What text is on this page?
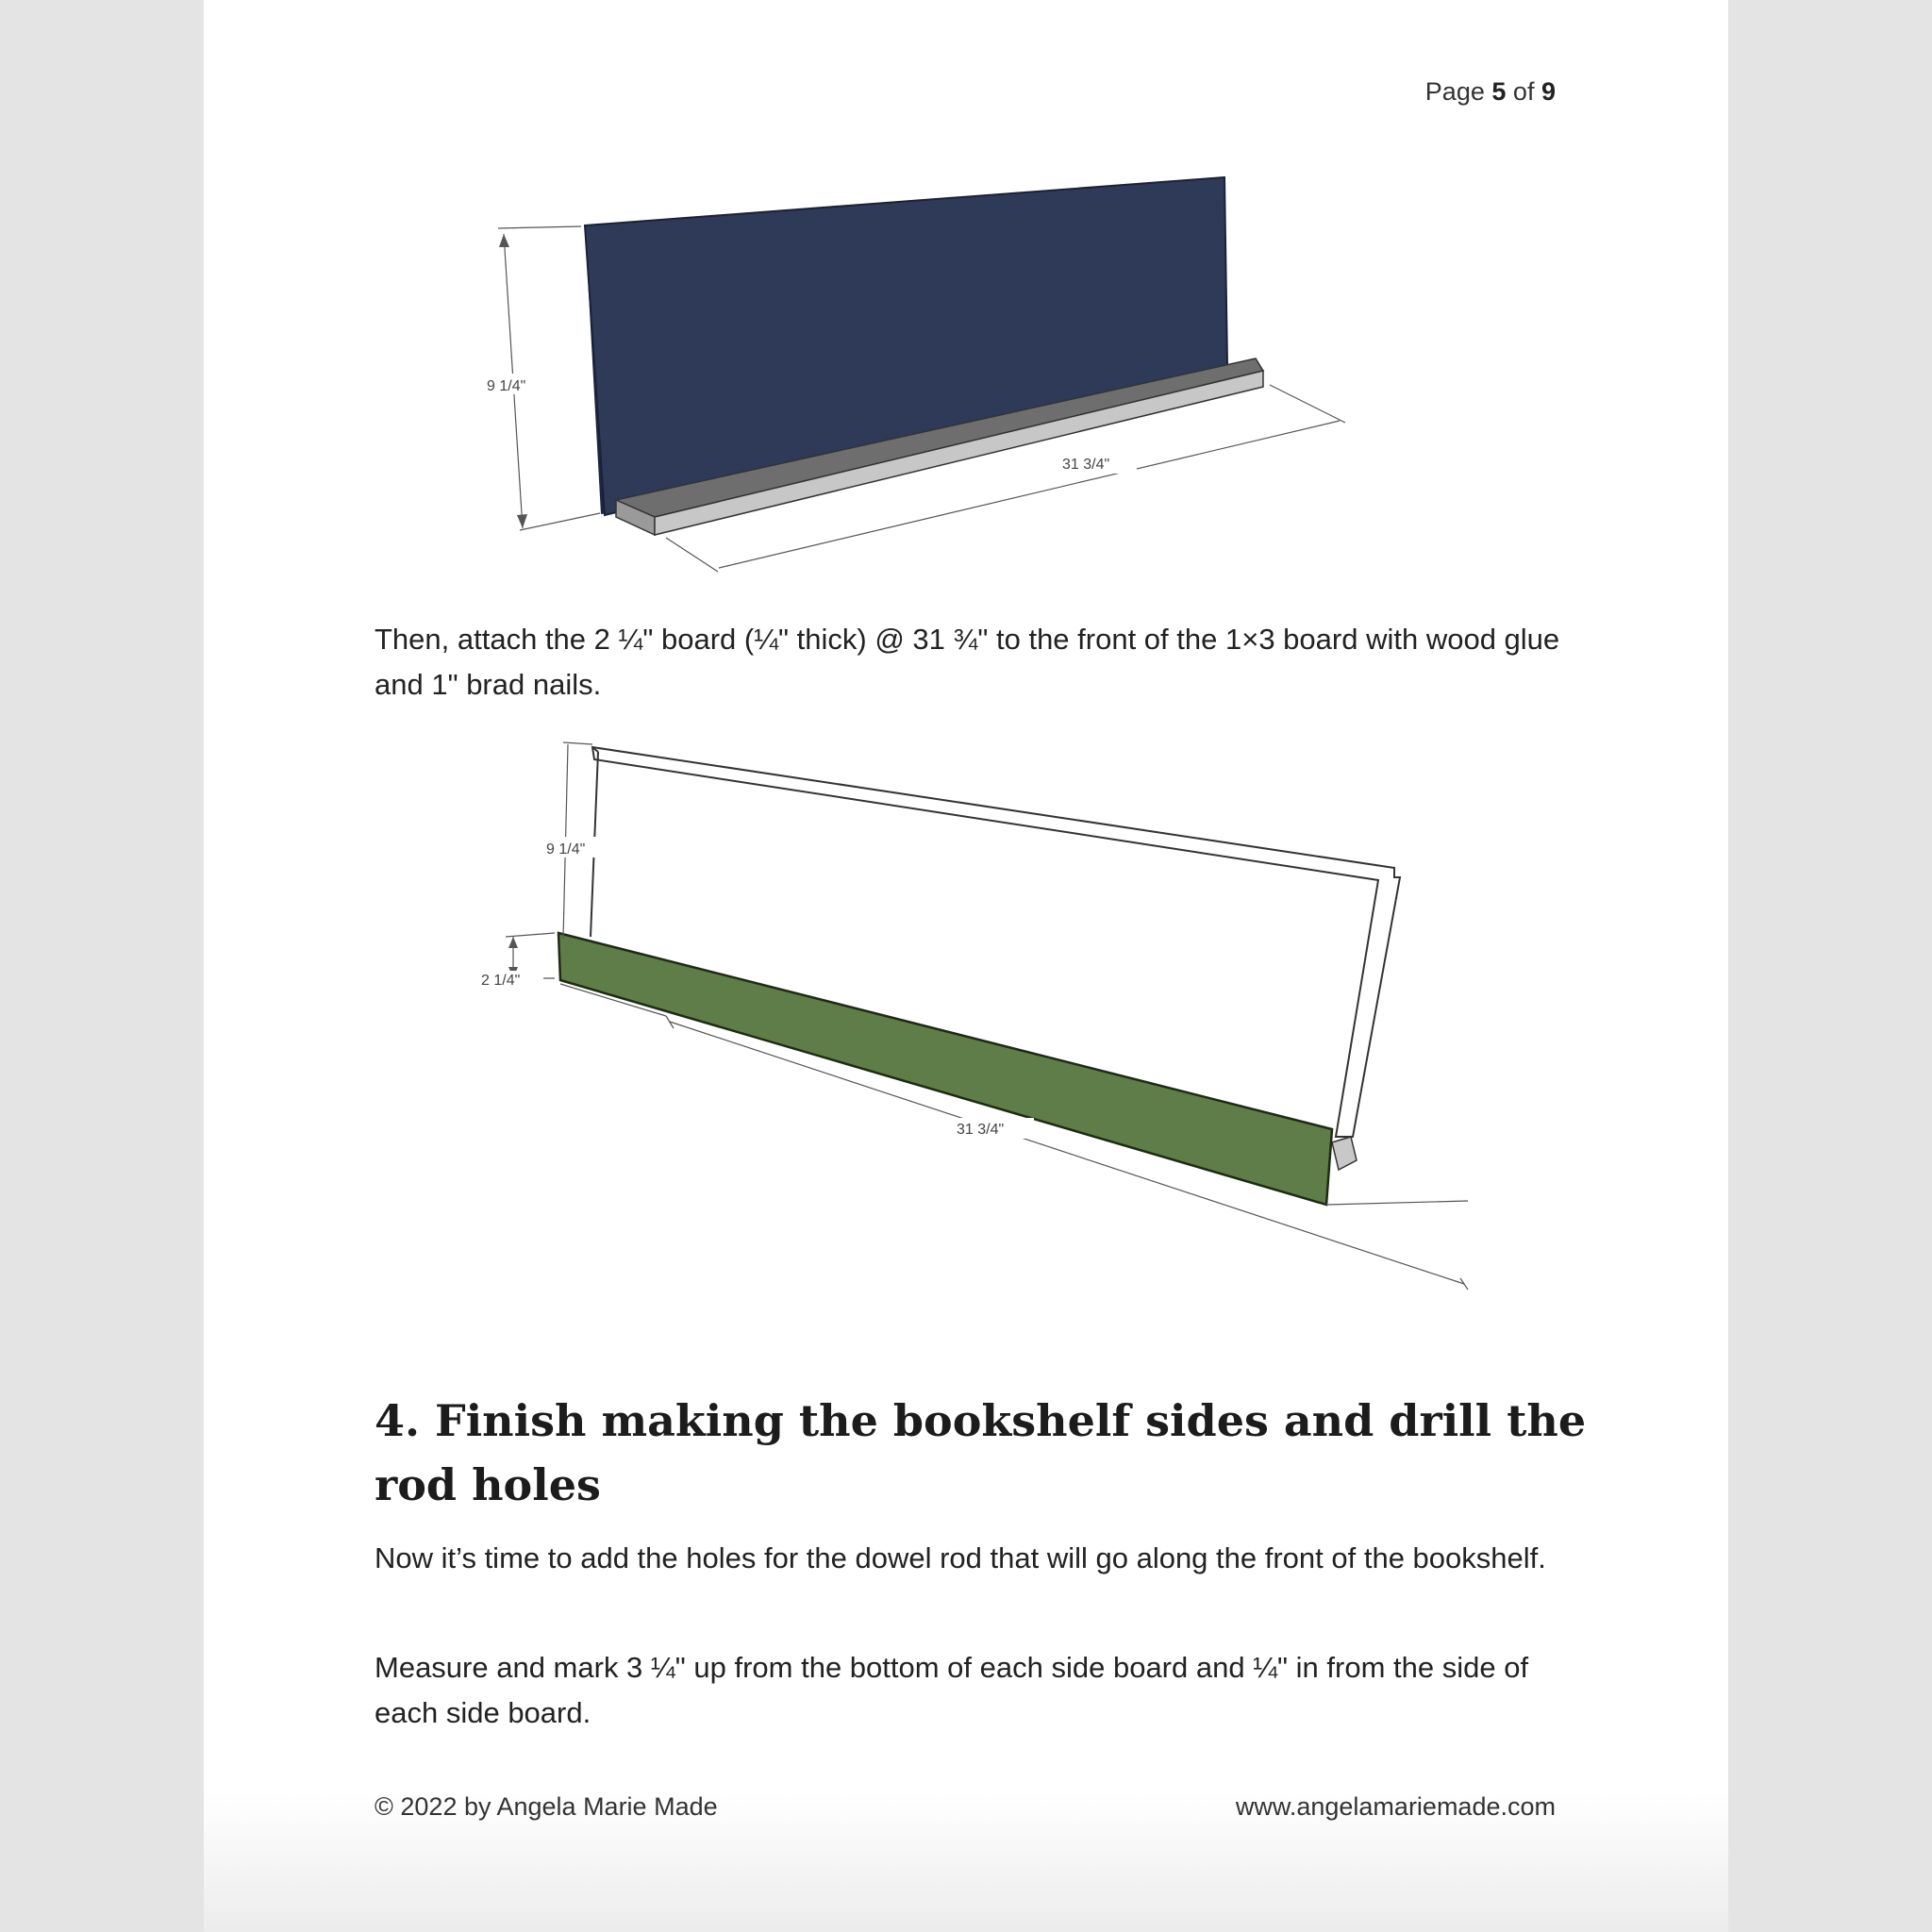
Page 5 of 9
9 1/4"
31 3/4"

Then, attach the 2 ¼" board (¼" thick) @ 31 ¾" to the front of the 1×3 board with wood glue and 1" brad nails.

9 1/4"
2 1/4"
31 3/4"
4. Finish making the bookshelf sides and drill the rod holes

Now it’s time to add the holes for the dowel rod that will go along the front of the bookshelf.

Measure and mark 3 ¼" up from the bottom of each side board and ¼" in from the side of each side board.

© 2022 by Angela Marie Made	www.angelamariemade.com
